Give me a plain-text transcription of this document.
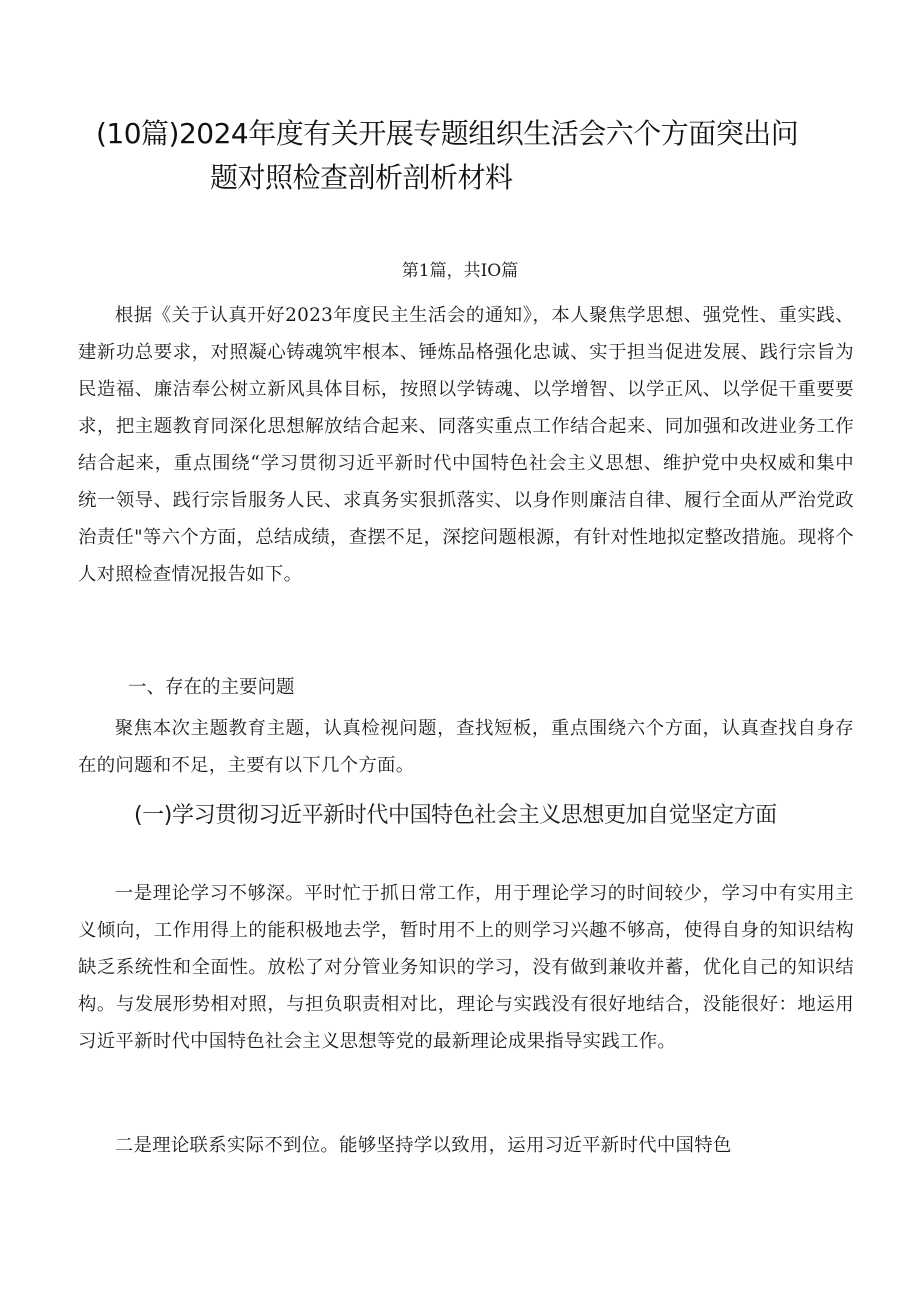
(10篇)2024年度有关开展专题组织生活会六个方面突出问
题对照检查剖析剖析材料
第1篇，共IO篇
根据《关于认真开好2023年度民主生活会的通知》，本人聚焦学思想、强党性、重实践、建新功总要求，对照凝心铸魂筑牢根本、锤炼品格强化忠诚、实于担当促进发展、践行宗旨为民造福、廉洁奉公树立新风具体目标，按照以学铸魂、以学增智、以学正风、以学促干重要要求，把主题教育同深化思想解放结合起来、同落实重点工作结合起来、同加强和改进业务工作结合起来，重点围绕“学习贯彻习近平新时代中国特色社会主义思想、维护党中央权威和集中统一领导、践行宗旨服务人民、求真务实狠抓落实、以身作则廉洁自律、履行全面从严治党政治责任"等六个方面，总结成绩，查摆不足，深挖问题根源，有针对性地拟定整改措施。现将个人对照检查情况报告如下。
一、存在的主要问题
聚焦本次主题教育主题，认真检视问题，查找短板，重点围绕六个方面，认真查找自身存在的问题和不足，主要有以下几个方面。
(一)学习贯彻习近平新时代中国特色社会主义思想更加自觉坚定方面
一是理论学习不够深。平时忙于抓日常工作，用于理论学习的时间较少，学习中有实用主义倾向，工作用得上的能积极地去学，暂时用不上的则学习兴趣不够高，使得自身的知识结构缺乏系统性和全面性。放松了对分管业务知识的学习，没有做到兼收并蓄，优化自己的知识结构。与发展形势相对照，与担负职责相对比，理论与实践没有很好地结合，没能很好：地运用习近平新时代中国特色社会主义思想等党的最新理论成果指导实践工作。
二是理论联系实际不到位。能够坚持学以致用，运用习近平新时代中国特色
